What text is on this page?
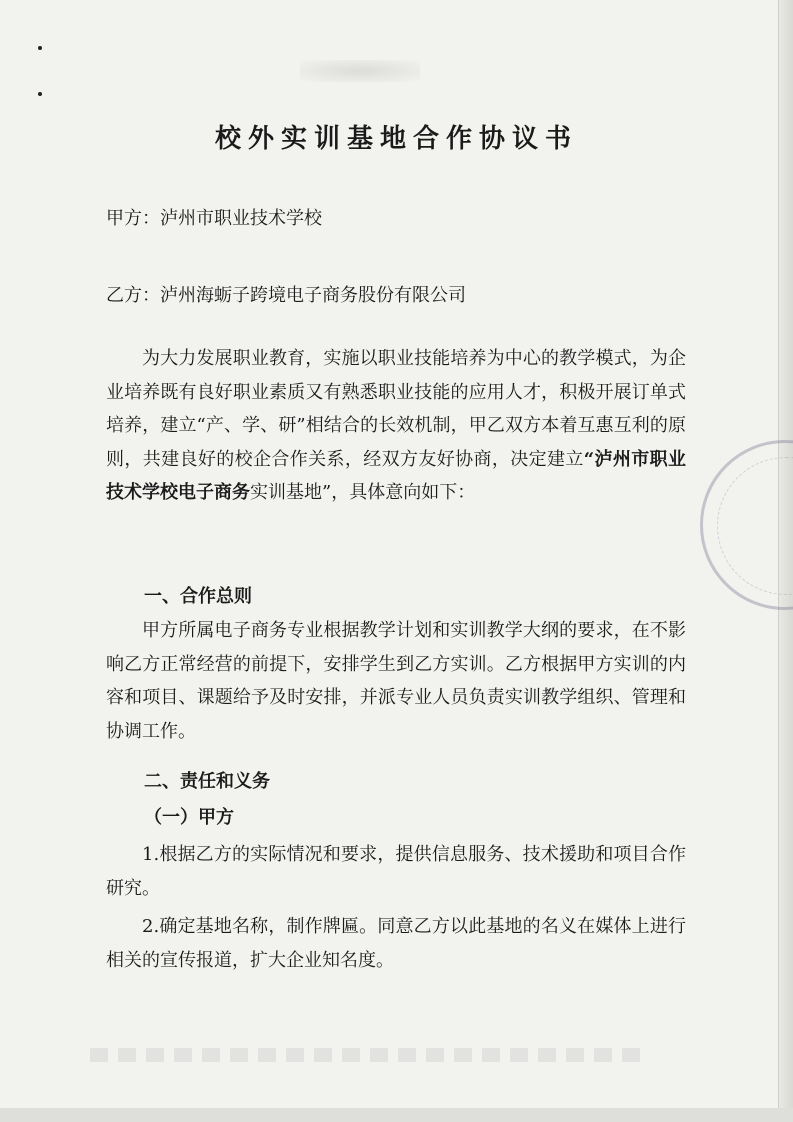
校外实训基地合作协议书
甲方：泸州市职业技术学校
乙方：泸州海蛎子跨境电子商务股份有限公司

为大力发展职业教育，实施以职业技能培养为中心的教学模式，为企业培养既有良好职业素质又有熟悉职业技能的应用人才，积极开展订单式培养，建立“产、学、研”相结合的长效机制，甲乙双方本着互惠互利的原则，共建良好的校企合作关系，经双方友好协商，决定建立“泸州市职业技术学校电子商务实训基地”，具体意向如下：

一、合作总则

甲方所属电子商务专业根据教学计划和实训教学大纲的要求，在不影响乙方正常经营的前提下，安排学生到乙方实训。乙方根据甲方实训的内容和项目、课题给予及时安排，并派专业人员负责实训教学组织、管理和协调工作。

二、责任和义务
（一）甲方

1.根据乙方的实际情况和要求，提供信息服务、技术援助和项目合作研究。

2.确定基地名称，制作牌匾。同意乙方以此基地的名义在媒体上进行相关的宣传报道，扩大企业知名度。
